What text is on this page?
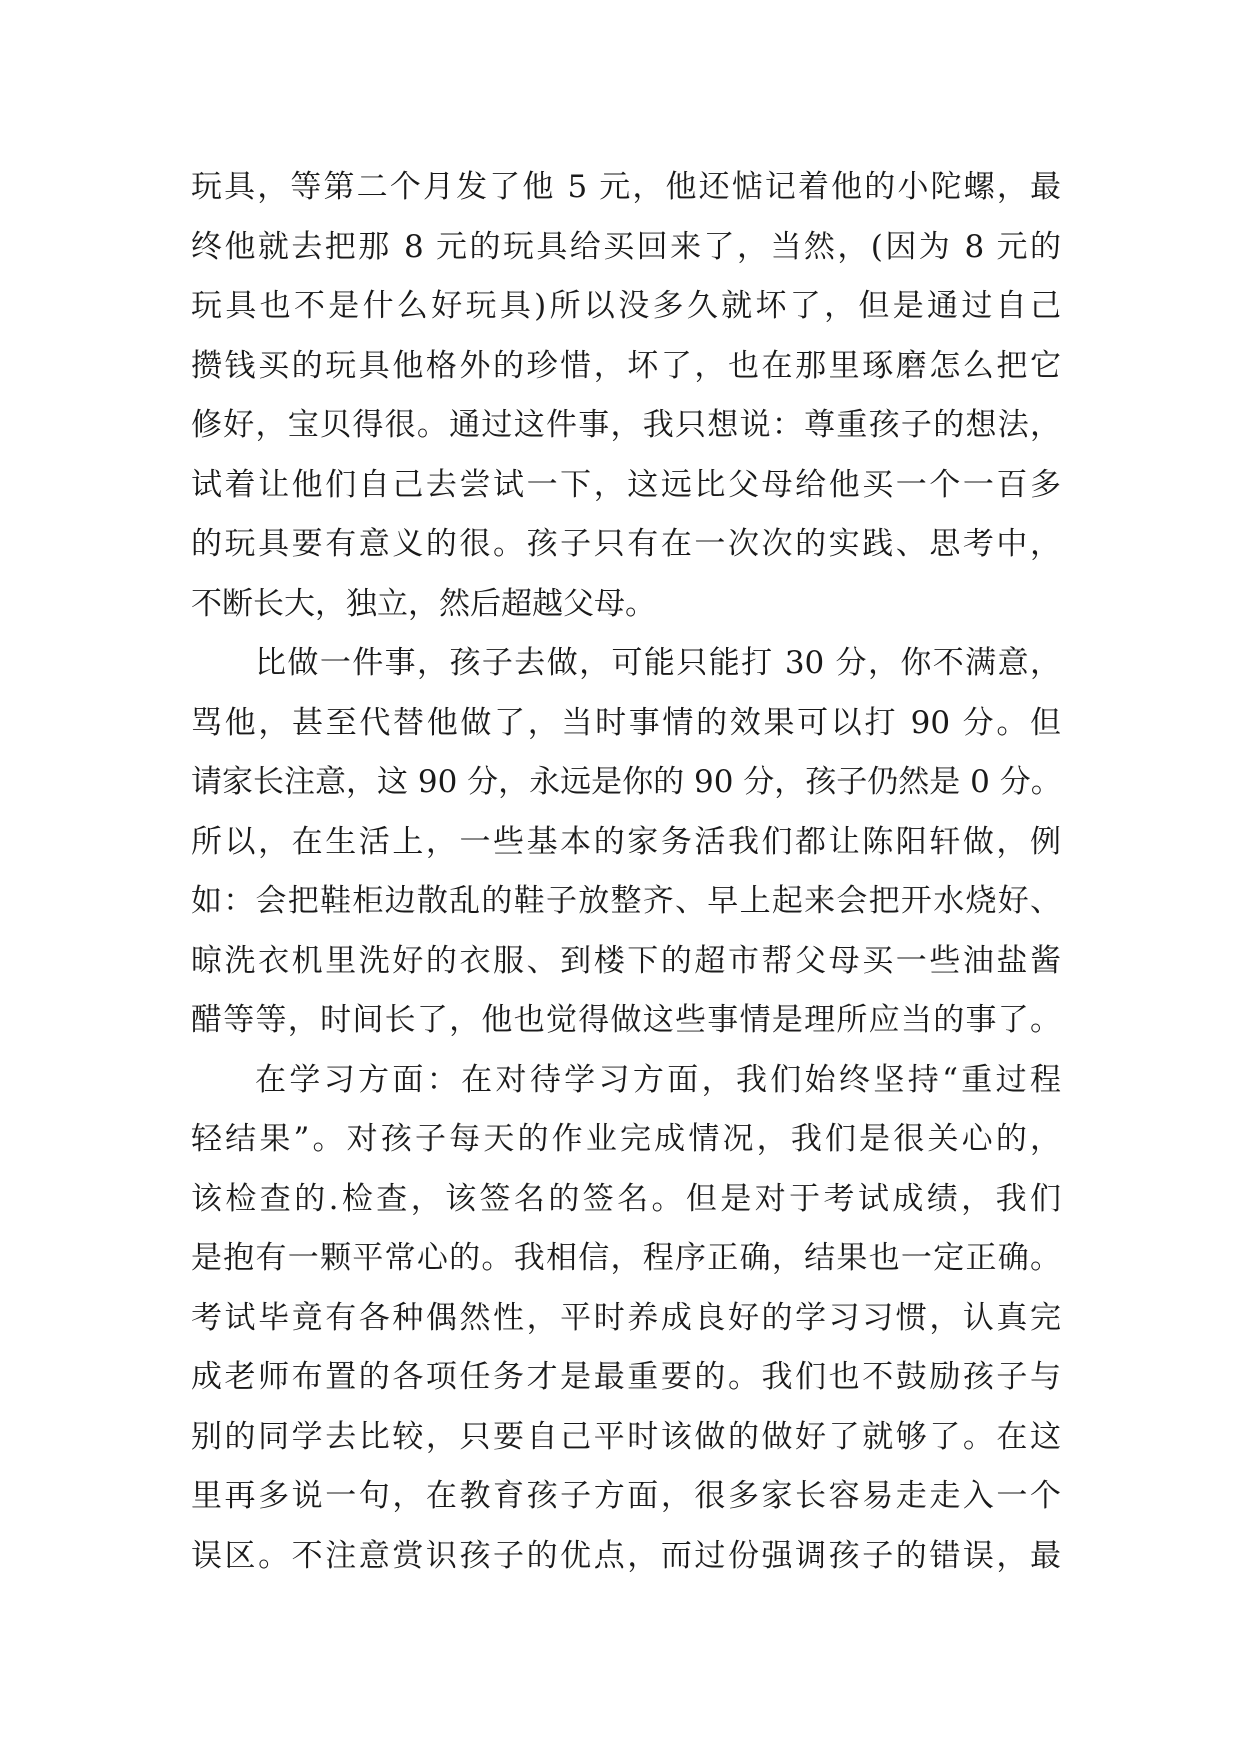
玩具，等第二个月发了他 5 元，他还惦记着他的小陀螺，最
终他就去把那 8 元的玩具给买回来了，当然，(因为 8 元的
玩具也不是什么好玩具)所以没多久就坏了，但是通过自己
攒钱买的玩具他格外的珍惜，坏了，也在那里琢磨怎么把它
修好，宝贝得很。通过这件事，我只想说：尊重孩子的想法，
试着让他们自己去尝试一下，这远比父母给他买一个一百多
的玩具要有意义的很。孩子只有在一次次的实践、思考中，
不断长大，独立，然后超越父母。
比做一件事，孩子去做，可能只能打 30 分，你不满意，
骂他，甚至代替他做了，当时事情的效果可以打 90 分。但
请家长注意，这 90 分，永远是你的 90 分，孩子仍然是 0 分。
所以，在生活上，一些基本的家务活我们都让陈阳轩做，例
如：会把鞋柜边散乱的鞋子放整齐、早上起来会把开水烧好、
晾洗衣机里洗好的衣服、到楼下的超市帮父母买一些油盐酱
醋等等，时间长了，他也觉得做这些事情是理所应当的事了。
在学习方面：在对待学习方面，我们始终坚持“重过程
轻结果”。对孩子每天的作业完成情况，我们是很关心的，
该检查的.检查，该签名的签名。但是对于考试成绩，我们
是抱有一颗平常心的。我相信，程序正确，结果也一定正确。
考试毕竟有各种偶然性，平时养成良好的学习习惯，认真完
成老师布置的各项任务才是最重要的。我们也不鼓励孩子与
别的同学去比较，只要自己平时该做的做好了就够了。在这
里再多说一句，在教育孩子方面，很多家长容易走走入一个
误区。不注意赏识孩子的优点，而过份强调孩子的错误，最
